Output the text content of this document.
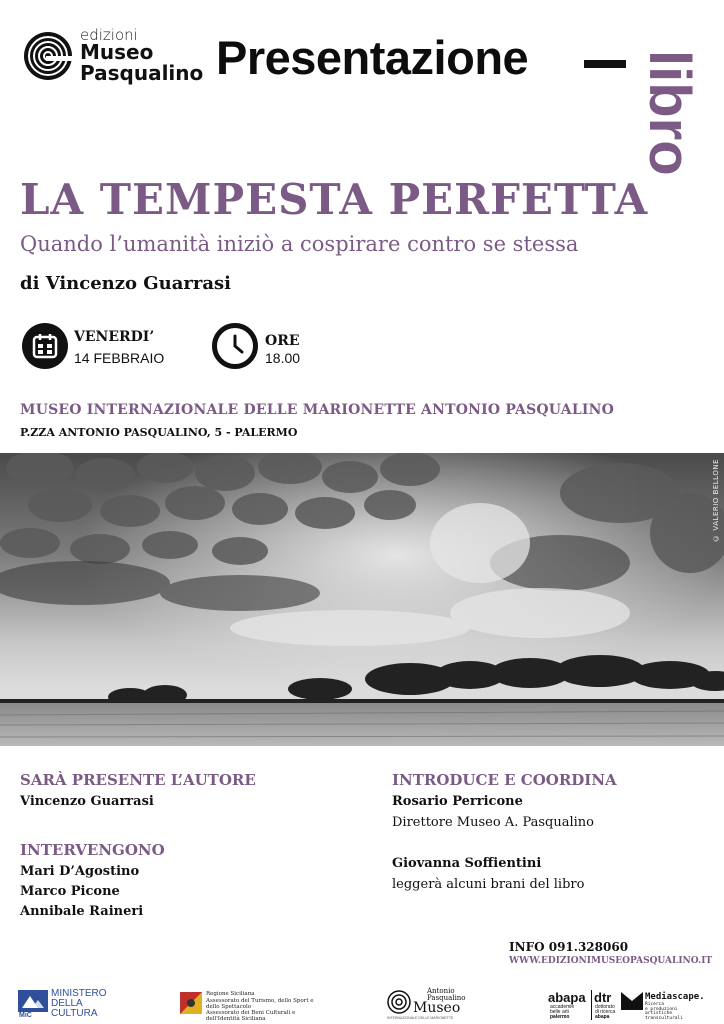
edizioni
Museo
Pasqualino Presentazione libro
LA TEMPESTA PERFETTA
Quando l’umanità iniziò a cospirare contro se stessa
di Vincenzo Guarrasi
VENERDI’
14 FEBBRAIO
ORE
18.00
MUSEO INTERNAZIONALE DELLE MARIONETTE ANTONIO PASQUALINO
P.ZZA ANTONIO PASQUALINO, 5 - PALERMO
© VALERIO BELLONE
SARÀ PRESENTE L’AUTORE
Vincenzo Guarrasi
INTERVENGONO
Mari D’Agostino
Marco Picone
Annibale Raineri
INTRODUCE E COORDINA
Rosario Perricone
Direttore Museo A. Pasqualino
Giovanna Soffientini
leggerà alcuni brani del libro
INFO 091.328060
WWW.EDIZIONIMUSEOPASQUALINO.IT
MiC
MINISTERO
DELLA
CULTURA
Regione Siciliana
Assessorato del Turismo, dello Sport e dello Spettacolo
Assessorato dei Beni Culturali e dell'Identità Siciliana
Antonio
Pasqualino
Museo
INTERNAZIONALE DELLE MARIONETTE
abapa
accademie
belle arti
palermo
dtr
dottorato
di ricerca
abapa
Mediascape.
Ricerca
e produzioni
artistiche
transculturali
